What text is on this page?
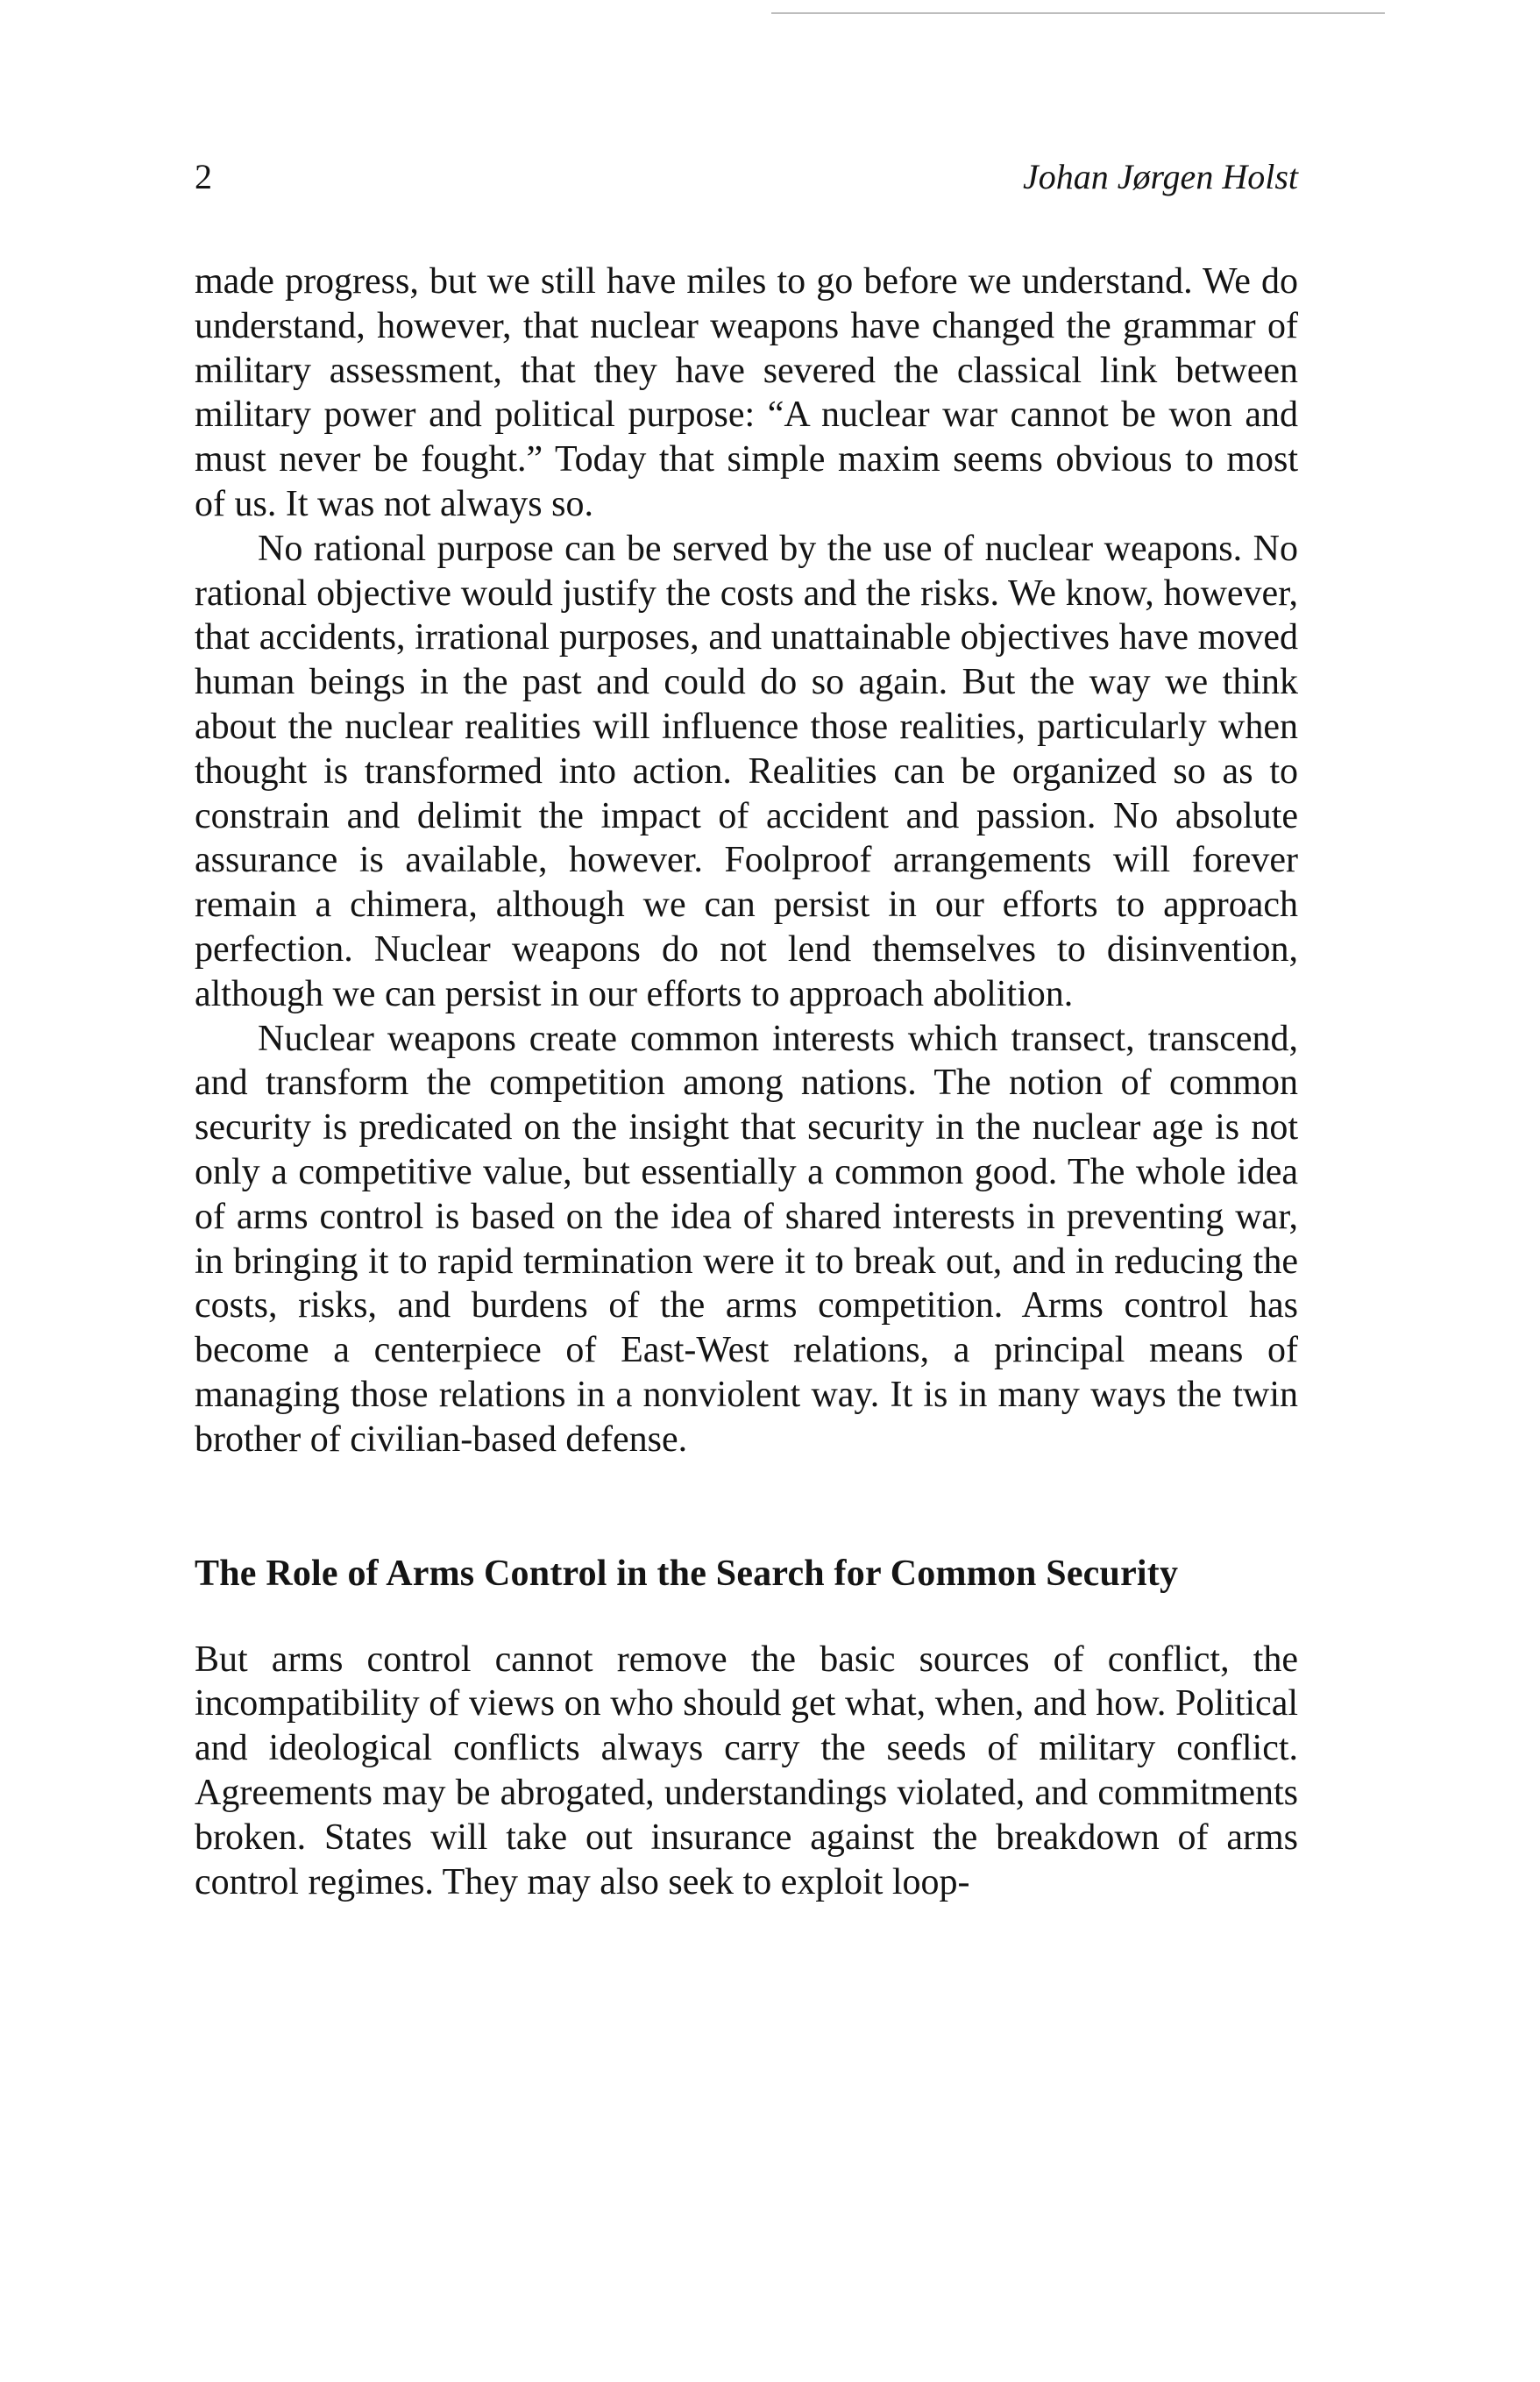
2	Johan Jørgen Holst

made progress, but we still have miles to go before we understand. We do understand, however, that nuclear weapons have changed the grammar of military assessment, that they have severed the classical link between military power and political purpose: “A nuclear war cannot be won and must never be fought.” Today that simple maxim seems obvious to most of us. It was not always so.

No rational purpose can be served by the use of nuclear weapons. No rational objective would justify the costs and the risks. We know, however, that accidents, irrational purposes, and unattainable objectives have moved human beings in the past and could do so again. But the way we think about the nuclear realities will influence those realities, particularly when thought is transformed into action. Realities can be organized so as to constrain and delimit the impact of accident and passion. No absolute assurance is available, however. Foolproof arrangements will forever remain a chimera, although we can persist in our efforts to approach perfection. Nuclear weapons do not lend themselves to disinvention, although we can persist in our efforts to approach abolition.

Nuclear weapons create common interests which transect, transcend, and transform the competition among nations. The notion of common security is predicated on the insight that security in the nuclear age is not only a competitive value, but essentially a common good. The whole idea of arms control is based on the idea of shared interests in preventing war, in bringing it to rapid termination were it to break out, and in reducing the costs, risks, and burdens of the arms competition. Arms control has become a centerpiece of East-West relations, a principal means of managing those relations in a nonviolent way. It is in many ways the twin brother of civilian-based defense.

The Role of Arms Control in the Search for Common Security

But arms control cannot remove the basic sources of conflict, the incompatibility of views on who should get what, when, and how. Political and ideological conflicts always carry the seeds of military conflict. Agreements may be abrogated, understandings violated, and commitments broken. States will take out insurance against the breakdown of arms control regimes. They may also seek to exploit loop-
